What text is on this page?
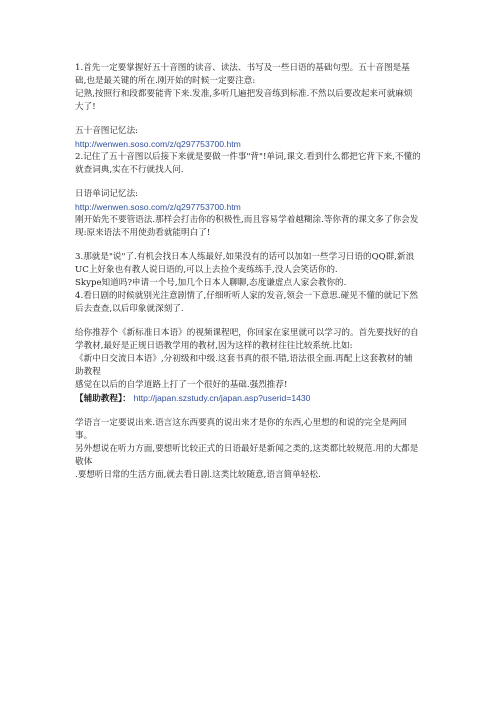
1.首先一定要掌握好五十音图的读音、读法、书写及一些日语的基础句型。五十音图是基础,也是最关键的所在.刚开始的时候一定要注意:

记熟,按照行和段都要能背下来.发准,多听几遍把发音练到标准.不然以后要改起来可就麻烦大了!

五十音图记忆法:

http://wenwen.soso.com/z/q297753700.htm

2.记住了五十音图以后接下来就是要做一件事"背"!单词,课文.看到什么都把它背下来,不懂的就查词典,实在不行就找人问.

日语单词记忆法:

http://wenwen.soso.com/z/q297753700.htm

刚开始先不要管语法.那样会打击你的积极性,而且容易学着越糊涂.等你背的课文多了你会发现:原来语法不用使劲看就能明白了!

3.那就是"说"了.有机会找日本人练最好,如果没有的话可以加如一些学习日语的QQ群,新浪UC上好象也有教人说日语的,可以上去捡个麦练练手,没人会笑话你的.

Skype知道吗?申请一个号,加几个日本人聊聊,态度谦虚点人家会教你的.

4.看日剧的时候就别光注意剧情了,仔细听听人家的发音,领会一下意思.碰见不懂的就记下然后去查查,以后印象就深刻了.

给你推荐个《新标准日本语》的视频课程吧，你回家在家里就可以学习的。首先要找好的自学教材,最好是正规日语教学用的教材,因为这样的教材往往比较系统.比如:

《新中日交流日本语》,分初级和中级.这套书真的很不错,语法很全面.再配上这套教材的辅助教程

感觉在以后的自学道路上打了一个很好的基础.强烈推荐!

【辅助教程】： http://japan.szstudy.cn/japan.asp?userid=1430

学语言一定要说出来.语言这东西要真的说出来才是你的东西,心里想的和说的完全是两回事。

另外想说在听力方面,要想听比较正式的日语最好是新闻之类的,这类都比较规范.用的大都是敬体

.要想听日常的生活方面,就去看日剧.这类比较随意,语言简单轻松.
